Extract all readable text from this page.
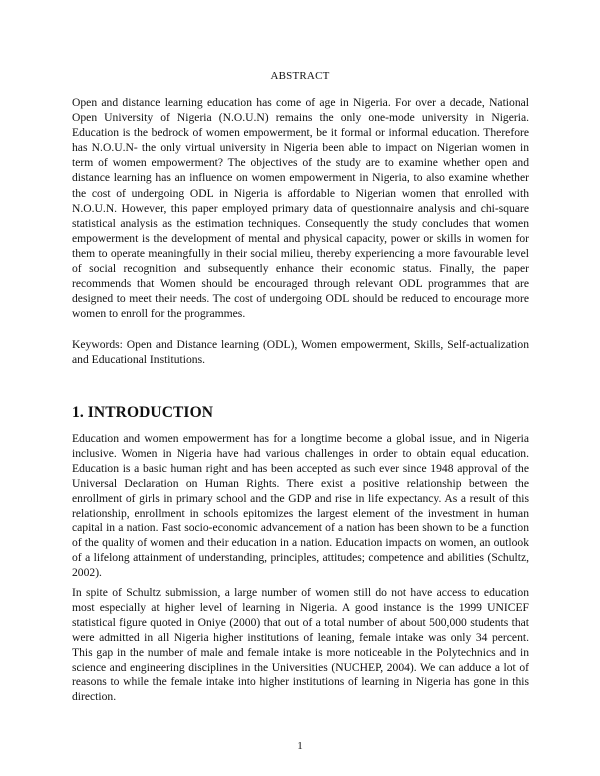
ABSTRACT
Open and distance learning education has come of age in Nigeria. For over a decade, National Open University of Nigeria (N.O.U.N) remains the only one-mode university in Nigeria. Education is the bedrock of women empowerment, be it formal or informal education. Therefore has N.O.U.N- the only virtual university in Nigeria been able to impact on Nigerian women in term of women empowerment? The objectives of the study are to examine whether open and distance learning has an influence on women empowerment in Nigeria, to also examine whether the cost of undergoing ODL in Nigeria is affordable to Nigerian women that enrolled with N.O.U.N. However, this paper employed primary data of questionnaire analysis and chi-square statistical analysis as the estimation techniques. Consequently the study concludes that women empowerment is the development of mental and physical capacity, power or skills in women for them to operate meaningfully in their social milieu, thereby experiencing a more favourable level of social recognition and subsequently enhance their economic status. Finally, the paper recommends that Women should be encouraged through relevant ODL programmes that are designed to meet their needs. The cost of undergoing ODL should be reduced to encourage more women to enroll for the programmes.
Keywords: Open and Distance learning (ODL), Women empowerment, Skills, Self-actualization and Educational Institutions.
1. INTRODUCTION
Education and women empowerment has for a longtime become a global issue, and in Nigeria inclusive. Women in Nigeria have had various challenges in order to obtain equal education. Education is a basic human right and has been accepted as such ever since 1948 approval of the Universal Declaration on Human Rights. There exist a positive relationship between the enrollment of girls in primary school and the GDP and rise in life expectancy. As a result of this relationship, enrollment in schools epitomizes the largest element of the investment in human capital in a nation. Fast socio-economic advancement of a nation has been shown to be a function of the quality of women and their education in a nation. Education impacts on women, an outlook of a lifelong attainment of understanding, principles, attitudes; competence and abilities (Schultz, 2002).
In spite of Schultz submission, a large number of women still do not have access to education most especially at higher level of learning in Nigeria. A good instance is the 1999 UNICEF statistical figure quoted in Oniye (2000) that out of a total number of about 500,000 students that were admitted in all Nigeria higher institutions of leaning, female intake was only 34 percent. This gap in the number of male and female intake is more noticeable in the Polytechnics and in science and engineering disciplines in the Universities (NUCHEP, 2004). We can adduce a lot of reasons to while the female intake into higher institutions of learning in Nigeria has gone in this direction.
1
